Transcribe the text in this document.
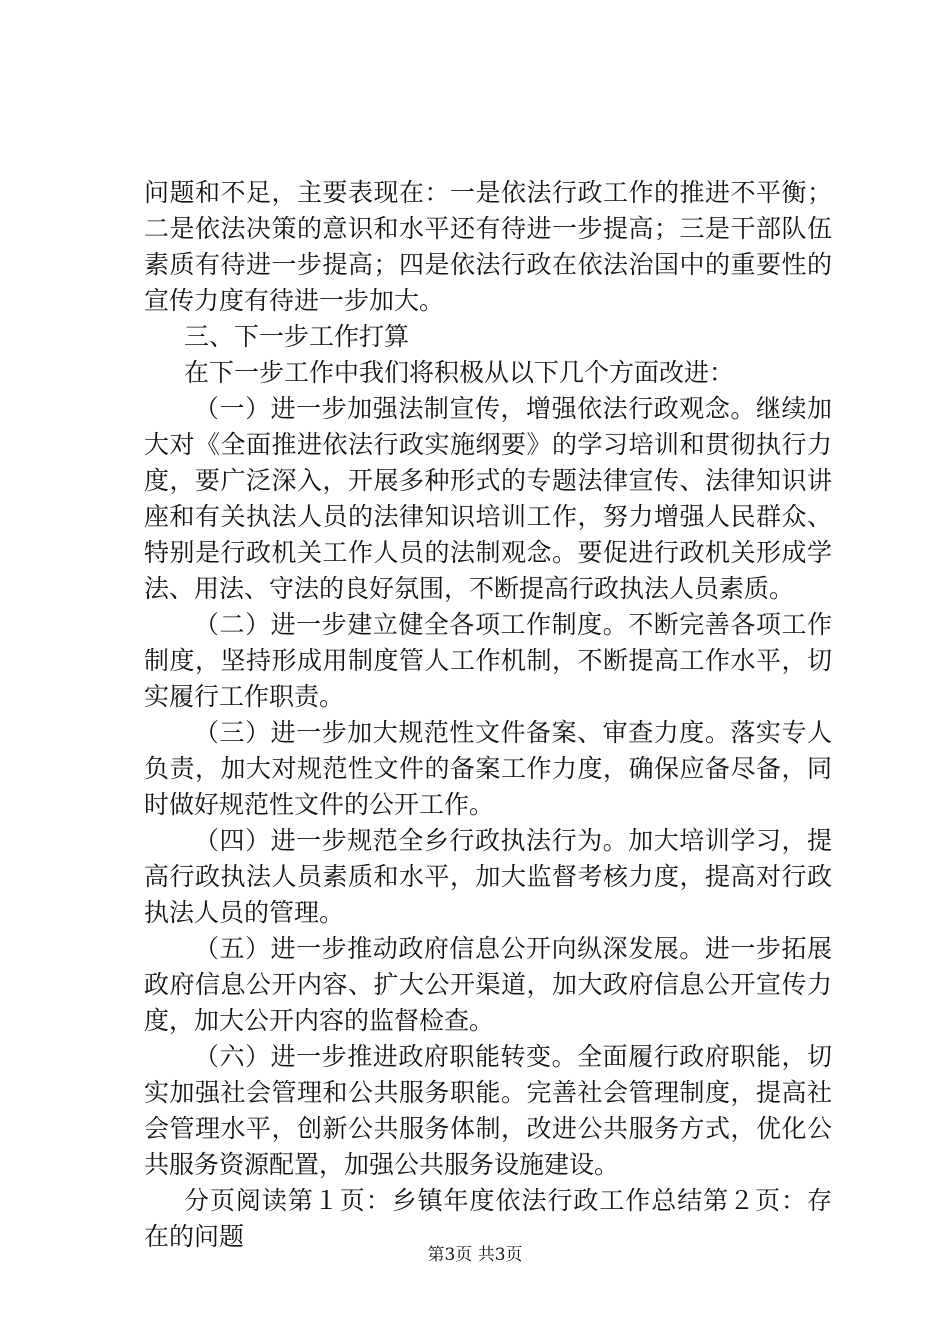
问题和不足，主要表现在：一是依法行政工作的推进不平衡；

二是依法决策的意识和水平还有待进一步提高；三是干部队伍

素质有待进一步提高；四是依法行政在依法治国中的重要性的

宣传力度有待进一步加大。

三、下一步工作打算

在下一步工作中我们将积极从以下几个方面改进：

（一）进一步加强法制宣传，增强依法行政观念。继续加

大对《全面推进依法行政实施纲要》的学习培训和贯彻执行力

度，要广泛深入，开展多种形式的专题法律宣传、法律知识讲

座和有关执法人员的法律知识培训工作，努力增强人民群众、

特别是行政机关工作人员的法制观念。要促进行政机关形成学

法、用法、守法的良好氛围，不断提高行政执法人员素质。

（二）进一步建立健全各项工作制度。不断完善各项工作

制度，坚持形成用制度管人工作机制，不断提高工作水平，切

实履行工作职责。

（三）进一步加大规范性文件备案、审查力度。落实专人

负责，加大对规范性文件的备案工作力度，确保应备尽备，同

时做好规范性文件的公开工作。

（四）进一步规范全乡行政执法行为。加大培训学习，提

高行政执法人员素质和水平，加大监督考核力度，提高对行政

执法人员的管理。

（五）进一步推动政府信息公开向纵深发展。进一步拓展

政府信息公开内容、扩大公开渠道，加大政府信息公开宣传力

度，加大公开内容的监督检查。

（六）进一步推进政府职能转变。全面履行政府职能，切

实加强社会管理和公共服务职能。完善社会管理制度，提高社

会管理水平，创新公共服务体制，改进公共服务方式，优化公

共服务资源配置，加强公共服务设施建设。

分页阅读第１页：乡镇年度依法行政工作总结第２页：存

在的问题

第3页 共3页
